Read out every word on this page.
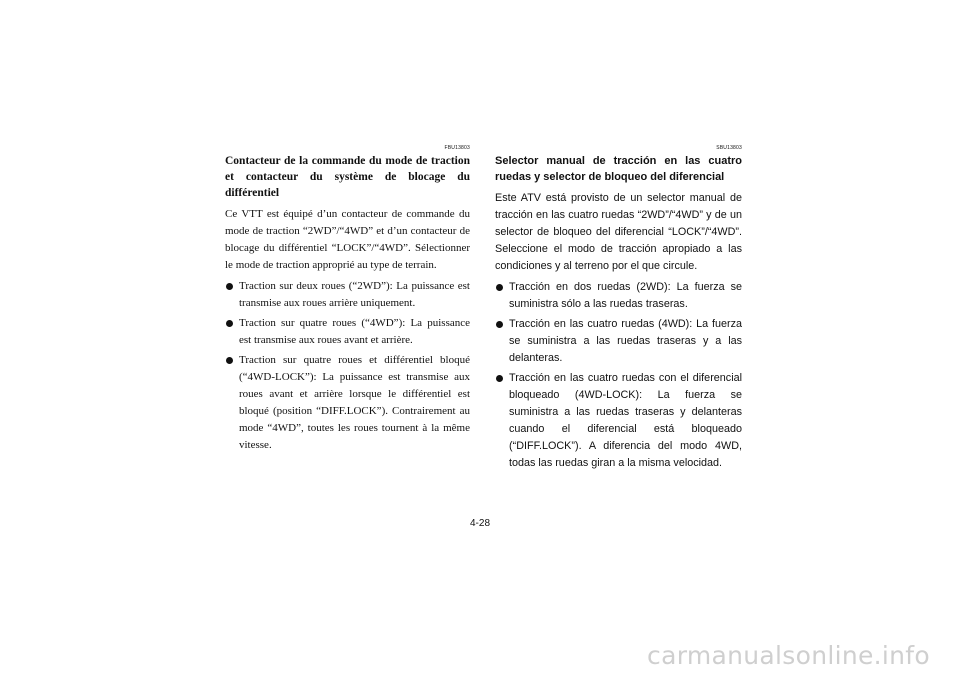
FBU13803

Contacteur de la commande du mode de traction et contacteur du système de blocage du différentiel

Ce VTT est équipé d’un contacteur de commande du mode de traction “2WD”/“4WD” et d’un contacteur de blocage du différentiel “LOCK”/“4WD”. Sélectionner le mode de traction approprié au type de terrain.

Traction sur deux roues (“2WD”): La puissance est transmise aux roues arrière uniquement.
Traction sur quatre roues (“4WD”): La puissance est transmise aux roues avant et arrière.
Traction sur quatre roues et différentiel bloqué (“4WD-LOCK”): La puissance est transmise aux roues avant et arrière lorsque le différentiel est bloqué (position “DIFF.LOCK”). Contrairement au mode “4WD”, toutes les roues tournent à la même vitesse.

SBU13803

Selector manual de tracción en las cuatro ruedas y selector de bloqueo del diferencial

Este ATV está provisto de un selector manual de tracción en las cuatro ruedas “2WD”/“4WD” y de un selector de bloqueo del diferencial “LOCK”/“4WD”. Seleccione el modo de tracción apropiado a las condiciones y al terreno por el que circule.

Tracción en dos ruedas (2WD): La fuerza se suministra sólo a las ruedas traseras.
Tracción en las cuatro ruedas (4WD): La fuerza se suministra a las ruedas traseras y a las delanteras.
Tracción en las cuatro ruedas con el diferencial bloqueado (4WD-LOCK): La fuerza se suministra a las ruedas traseras y delanteras cuando el diferencial está bloqueado (“DIFF.LOCK”). A diferencia del modo 4WD, todas las ruedas giran a la misma velocidad.
4-28
carmanualsonline.info
